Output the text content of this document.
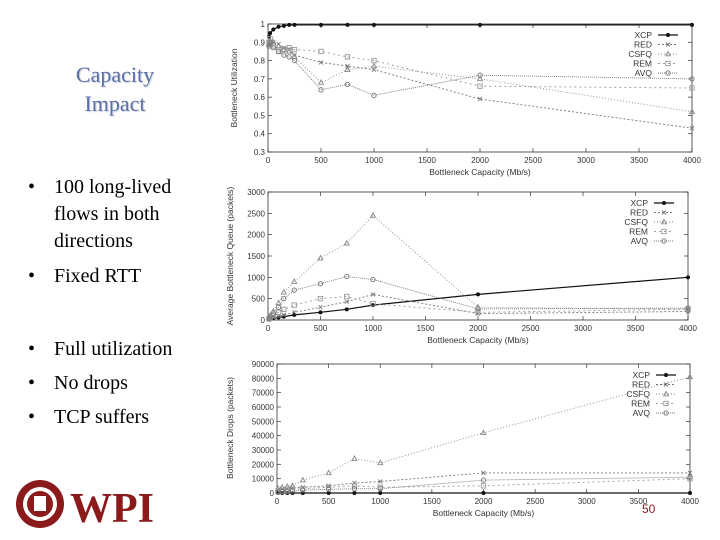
Capacity
Impact
• 100 long-lived flows in both directions
• Fixed RTT
• Full utilization
• No drops
• TCP suffers
0	500	1000	1500	2000	2500	3000	3500	4000
0.3
0.4
0.5
0.6
0.7
0.8
0.9
1
Bottleneck Capacity (Mb/s)
Bottleneck Utilization
XCP
RED
CSFQ
REM
AVQ
0	500	1000	1500	2000	2500	3000	3500	4000
0
500
1000
1500
2000
2500
3000
Bottleneck Capacity (Mb/s)
Average Bottleneck Queue (packets)	XCP
RED
CSFQ
REM
AVQ
0	500	1000	1500	2000	2500	3000	3500	4000
0
10000
20000
30000
40000
50000
60000
70000
80000
90000
Bottleneck Capacity (Mb/s)
Bottleneck Drops (packets)
XCP
RED
CSFQ
REM
AVQ
WPI	50
